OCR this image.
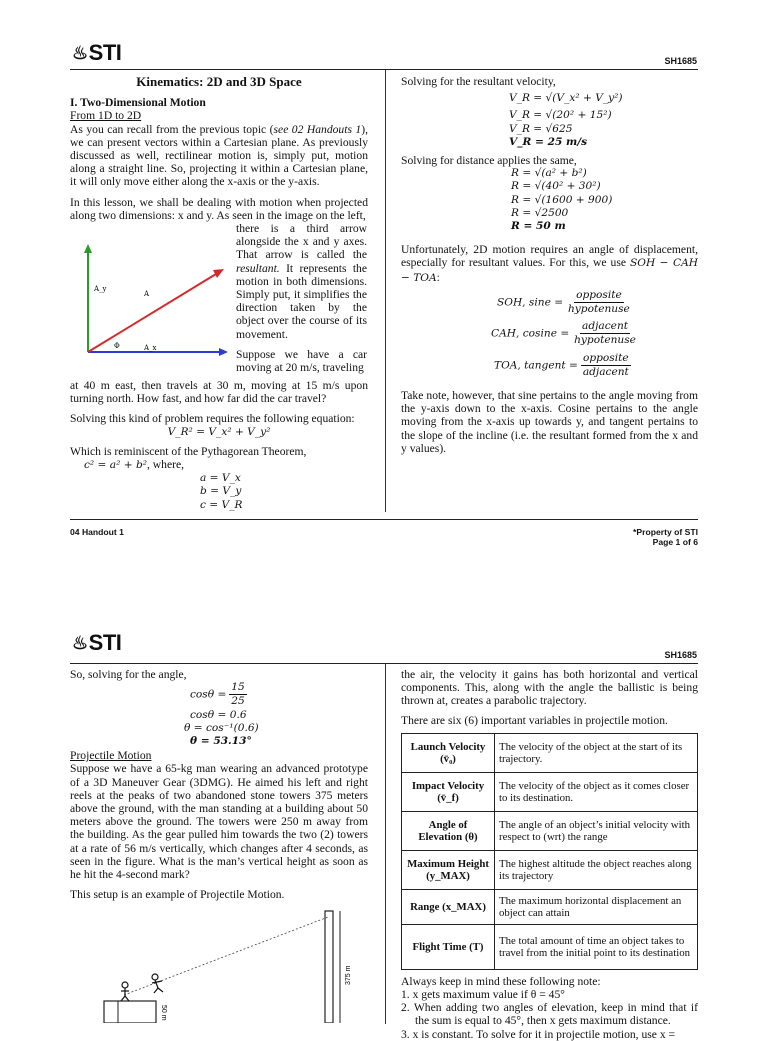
♨ STI	SH1685

Kinematics: 2D and 3D Space

I. Two-Dimensional Motion

From 1D to 2D

As you can recall from the previous topic (see 02 Handouts 1), we can present vectors within a Cartesian plane. As previously discussed as well, rectilinear motion is, simply put, motion along a straight line. So, projecting it within a Cartesian plane, it will only move either along the x-axis or the y-axis.

In this lesson, we shall be dealing with motion when projected along two dimensions: x and y. As seen in the image on the left,

A_y
A
Φ	A_x

there is a third arrow alongside the x and y axes. That arrow is called the resultant. It represents the motion in both dimensions. Simply put, it simplifies the direction taken by the object over the course of its movement.

Suppose we have a car moving at 20 m/s, traveling

at 40 m east, then travels at 30 m, moving at 15 m/s upon turning north. How fast, and how far did the car travel?

Solving this kind of problem requires the following equation:

V_R² = V_x² + V_y²

Which is reminiscent of the Pythagorean Theorem,

c² = a² + b², where,

a = V_x

b = V_y

c = V_R

Solving for the resultant velocity,

V_R = √(V_x² + V_y²)

V_R = √(20² + 15²)

V_R = √625

V_R = 25 m/s

Solving for distance applies the same,

R = √(a² + b²)

R = √(40² + 30²)

R = √(1600 + 900)

R = √2500

R = 50 m

Unfortunately, 2D motion requires an angle of displacement, especially for resultant values. For this, we use SOH − CAH − TOA:

SOH, $\sin e = \frac{\text{opposite}}{\text{hypotenuse}}$

CAH, $cosine = \frac{\text{adjacent}}{\text{hypotenuse}}$

TOA, tangent = $\frac{\text{opposite}}{\text{adjacent}}$

Take note, however, that sine pertains to the angle moving from the y-axis down to the x-axis. Cosine pertains to the angle moving from the x-axis up towards y, and tangent pertains to the slope of the incline (i.e. the resultant formed from the x and y values).

04 Handout 1	*Property of STI
Page 1 of 6
♨ STI	SH1685

So, solving for the angle,

$\cos\theta = \frac{15}{25}$

cosθ = 0.6

θ = cos⁻¹(0.6)

θ = 53.13°

Projectile Motion

Suppose we have a 65-kg man wearing an advanced prototype of a 3D Maneuver Gear (3DMG). He aimed his left and right reels at the peaks of two abandoned stone towers 375 meters above the ground, with the man standing at a building about 50 meters above the ground. The towers were 250 m away from the building. As the gear pulled him towards the two (2) towers at a rate of 56 m/s vertically, which changes after 4 seconds, as seen in the figure. What is the man’s vertical height as soon as he hit the 4-second mark?

This setup is an example of Projectile Motion.

375 m
50 m

the air, the velocity it gains has both horizontal and vertical components. This, along with the angle the ballistic is being thrown at, creates a parabolic trajectory.

There are six (6) important variables in projectile motion.

Launch Velocity (v̄₀)	The velocity of the object at the start of its trajectory.
Impact Velocity (v̄_f)	The velocity of the object as it comes closer to its destination.
Angle of Elevation (θ)	The angle of an object’s initial velocity with respect to (wrt) the range
Maximum Height (y_MAX)	The highest altitude the object reaches along its trajectory
Range (x_MAX)	The maximum horizontal displacement an object can attain
Flight Time (T)	The total amount of time an object takes to travel from the initial point to its destination

Always keep in mind these following note:

1. x gets maximum value if θ = 45°

2. When adding two angles of elevation, keep in mind that if the sum is equal to 45°, then x gets maximum distance.

3. x is constant. To solve for it in projectile motion, use x =
